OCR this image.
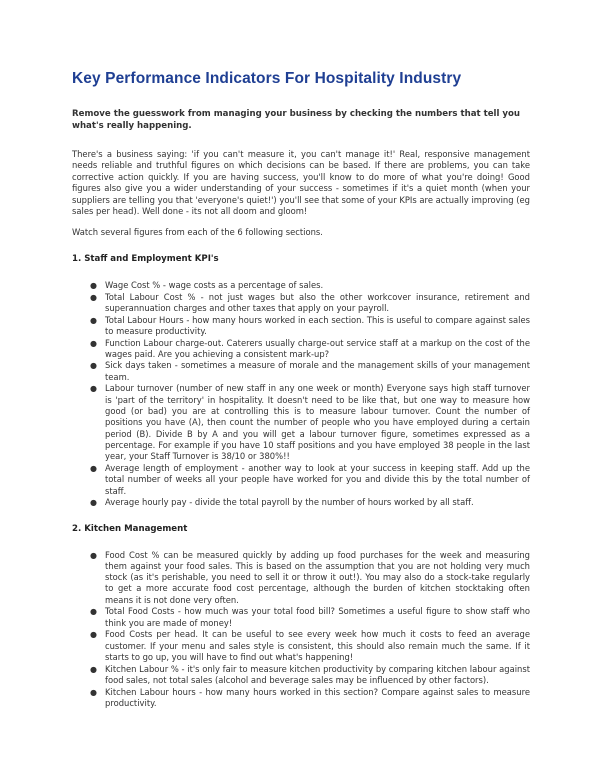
Key Performance Indicators For Hospitality Industry

Remove the guesswork from managing your business by checking the numbers that tell you what's really happening.

There's a business saying: 'if you can't measure it, you can't manage it!' Real, responsive management needs reliable and truthful figures on which decisions can be based. If there are problems, you can take corrective action quickly. If you are having success, you'll know to do more of what you're doing! Good figures also give you a wider understanding of your success - sometimes if it's a quiet month (when your suppliers are telling you that 'everyone's quiet!') you'll see that some of your KPIs are actually improving (eg sales per head). Well done - its not all doom and gloom!

Watch several figures from each of the 6 following sections.

1. Staff and Employment KPI's
● Wage Cost % - wage costs as a percentage of sales.
● Total Labour Cost % - not just wages but also the other workcover insurance, retirement and superannuation charges and other taxes that apply on your payroll.
● Total Labour Hours - how many hours worked in each section. This is useful to compare against sales to measure productivity.
● Function Labour charge-out. Caterers usually charge-out service staff at a markup on the cost of the wages paid. Are you achieving a consistent mark-up?
● Sick days taken - sometimes a measure of morale and the management skills of your management team.
● Labour turnover (number of new staff in any one week or month) Everyone says high staff turnover is 'part of the territory' in hospitality. It doesn't need to be like that, but one way to measure how good (or bad) you are at controlling this is to measure labour turnover. Count the number of positions you have (A), then count the number of people who you have employed during a certain period (B). Divide B by A and you will get a labour turnover figure, sometimes expressed as a percentage. For example if you have 10 staff positions and you have employed 38 people in the last year, your Staff Turnover is 38/10 or 380%!!
● Average length of employment - another way to look at your success in keeping staff. Add up the total number of weeks all your people have worked for you and divide this by the total number of staff.
● Average hourly pay - divide the total payroll by the number of hours worked by all staff.
2. Kitchen Management
● Food Cost % can be measured quickly by adding up food purchases for the week and measuring them against your food sales. This is based on the assumption that you are not holding very much stock (as it's perishable, you need to sell it or throw it out!). You may also do a stock-take regularly to get a more accurate food cost percentage, although the burden of kitchen stocktaking often means it is not done very often.
● Total Food Costs - how much was your total food bill? Sometimes a useful figure to show staff who think you are made of money!
● Food Costs per head. It can be useful to see every week how much it costs to feed an average customer. If your menu and sales style is consistent, this should also remain much the same. If it starts to go up, you will have to find out what's happening!
● Kitchen Labour % - it's only fair to measure kitchen productivity by comparing kitchen labour against food sales, not total sales (alcohol and beverage sales may be influenced by other factors).
● Kitchen Labour hours - how many hours worked in this section? Compare against sales to measure productivity.
